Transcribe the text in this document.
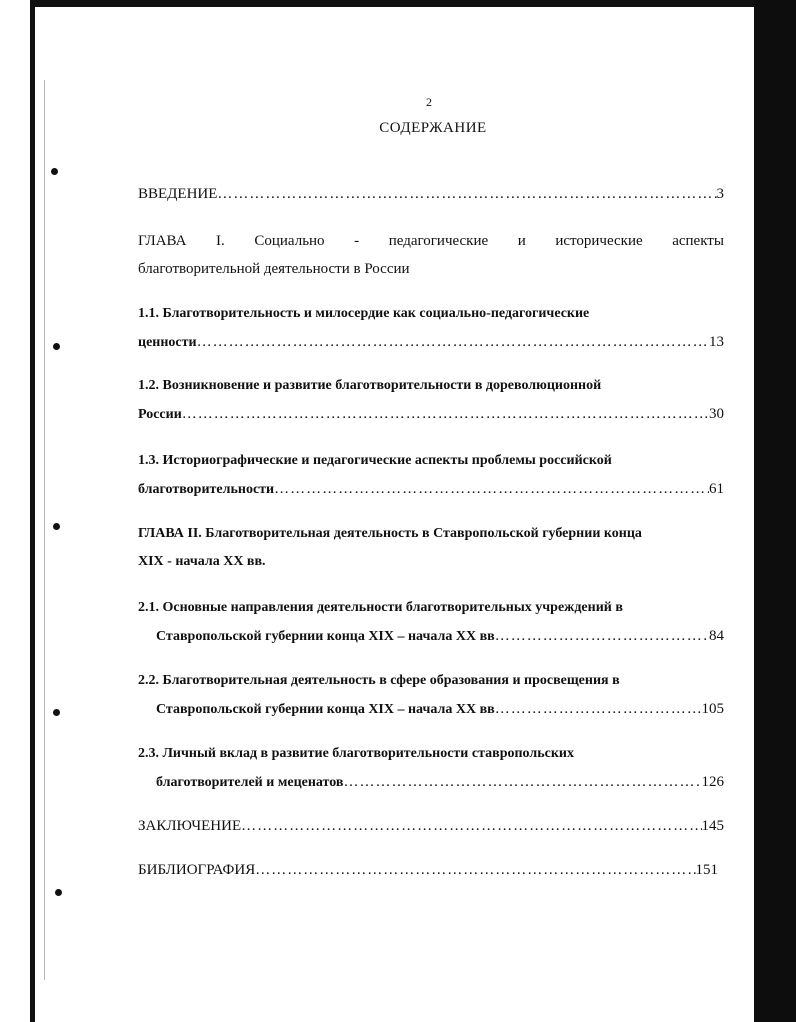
2
СОДЕРЖАНИЕ
ВВЕДЕНИЕ …………………………………………………………………………………………………………………………………………………………	3
ГЛАВА I. Социально - педагогические и исторические аспекты
благотворительной деятельности в России
1.1. Благотворительность и милосердие как социально-педагогические
ценности …………………………………………………………………………………………………………………………………………………………	13
1.2. Возникновение и развитие благотворительности в дореволюционной
России …………………………………………………………………………………………………………………………………………………………	30
1.3. Историографические и педагогические аспекты проблемы российской
благотворительности …………………………………………………………………………………………………………………………………………………………	61
ГЛАВА II. Благотворительная деятельность в Ставропольской губернии конца
XIX - начала XX вв.
2.1. Основные направления деятельности благотворительных учреждений в
Ставропольской губернии конца XIX – начала XX вв …………………………………………………………………………………………………………………………………………………………	84
2.2. Благотворительная деятельность в сфере образования и просвещения в
Ставропольской губернии конца XIX – начала XX вв …………………………………………………………………………………………………………………………………………………………	105
2.3. Личный вклад в развитие благотворительности ставропольских
благотворителей и меценатов …………………………………………………………………………………………………………………………………………………………	126
ЗАКЛЮЧЕНИЕ …………………………………………………………………………………………………………………………………………………………	145
БИБЛИОГРАФИЯ …………………………………………………………………………………………………………………………………………………………	151
